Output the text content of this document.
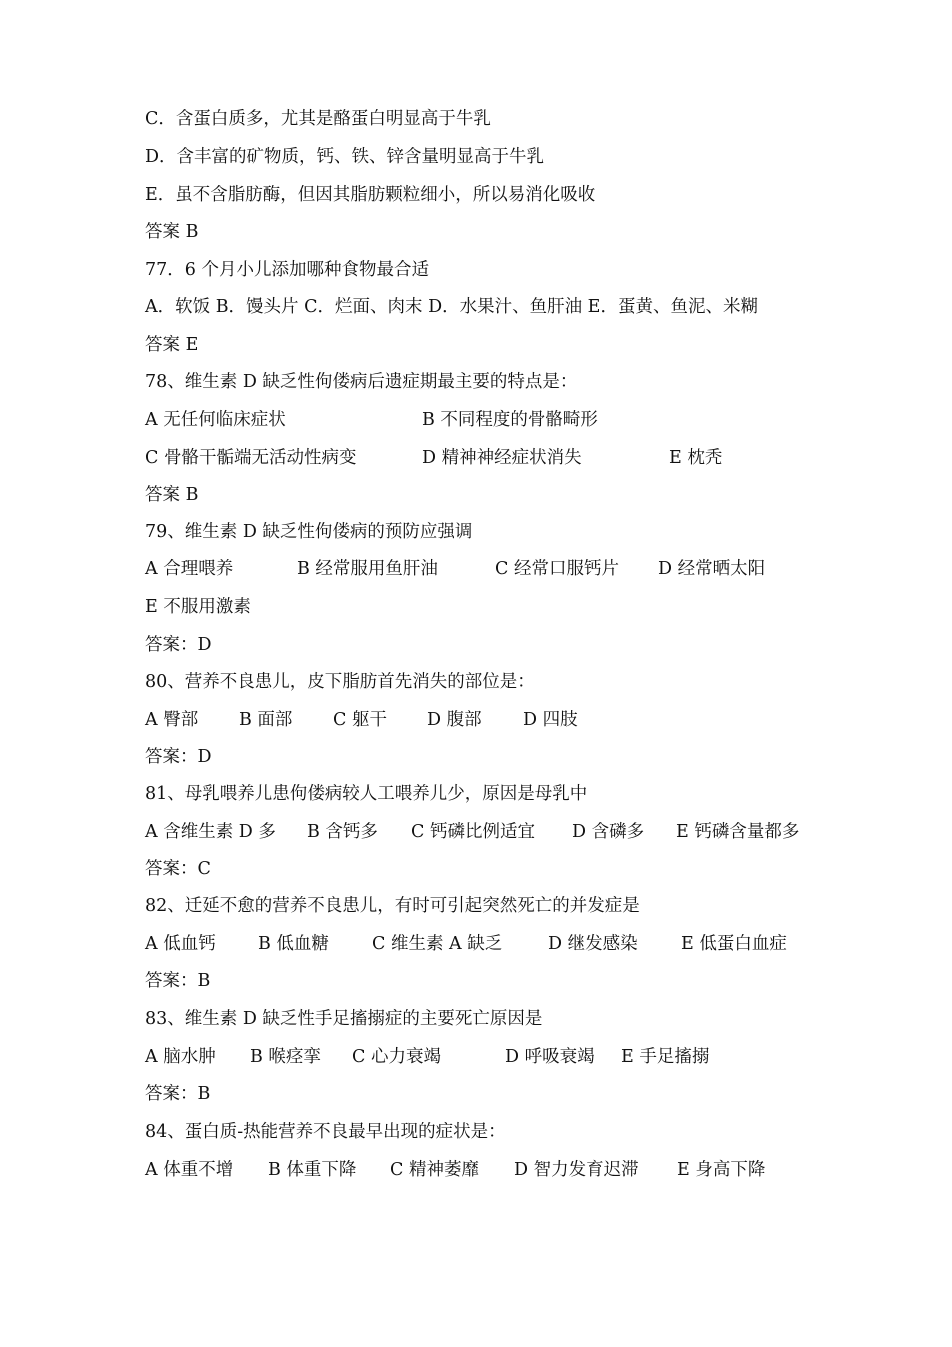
C．含蛋白质多，尤其是酪蛋白明显高于牛乳
D．含丰富的矿物质，钙、铁、锌含量明显高于牛乳
E．虽不含脂肪酶，但因其脂肪颗粒细小，所以易消化吸收
答案 B
77．6 个月小儿添加哪种食物最合适
A．软饭 B．馒头片 C．烂面、肉末 D．水果汁、鱼肝油 E．蛋黄、鱼泥、米糊
答案 E
78、维生素 D 缺乏性佝偻病后遗症期最主要的特点是：
A 无任何临床症状	B 不同程度的骨骼畸形
C 骨骼干骺端无活动性病变	D 精神神经症状消失	E 枕秃
答案 B
79、维生素 D 缺乏性佝偻病的预防应强调
A 合理喂养	B 经常服用鱼肝油	C 经常口服钙片 D 经常晒太阳
E 不服用激素
答案：D
80、营养不良患儿，皮下脂肪首先消失的部位是：
A 臀部 B 面部 C 躯干 D 腹部 D 四肢
答案：D
81、母乳喂养儿患佝偻病较人工喂养儿少，原因是母乳中
A 含维生素 D 多 B 含钙多 C 钙磷比例适宜 D 含磷多 E 钙磷含量都多
答案：C
82、迁延不愈的营养不良患儿，有时可引起突然死亡的并发症是
A 低血钙 B 低血糖 C 维生素 A 缺乏	D 继发感染 E 低蛋白血症
答案：B
83、维生素 D 缺乏性手足搐搦症的主要死亡原因是
A 脑水肿 B 喉痉挛 C 心力衰竭	D 呼吸衰竭 E 手足搐搦
答案：B
84、蛋白质-热能营养不良最早出现的症状是：
A 体重不增 B 体重下降 C 精神萎靡 D 智力发育迟滞 E 身高下降
